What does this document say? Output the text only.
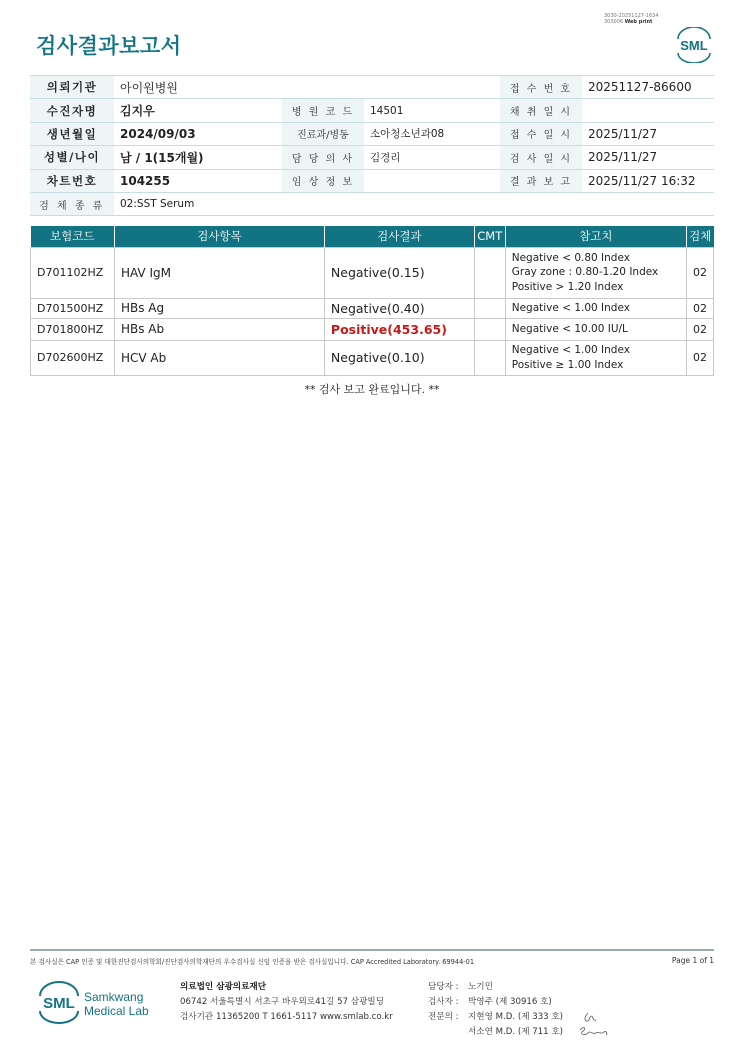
3030-20251127-1634
303006 Web print
검사결과보고서	SML
의뢰기관	아이원병원			접 수 번 호	20251127-86600
수진자명	김지우	병 원 코 드	14501	채 취 일 시	
생년월일	2024/09/03	진료과/병동	소아청소년과08	접 수 일 시	2025/11/27
성별/나이	남 / 1(15개월)	담 당 의 사	김경리	검 사 일 시	2025/11/27
차트번호	104255	임 상 정 보		결 과 보 고	2025/11/27 16:32
검 체 종 류	02:SST Serum				
보험코드	검사항목	검사결과	CMT	참고치	검체
D701102HZ	HAV IgM	Negative(0.15)		Negative < 0.80 Index
Gray zone : 0.80-1.20 Index
Positive > 1.20 Index	02
D701500HZ	HBs Ag	Negative(0.40)		Negative < 1.00 Index	02
D701800HZ	HBs Ab	Positive(453.65)		Negative < 10.00 IU/L	02
D702600HZ	HCV Ab	Negative(0.10)		Negative < 1.00 Index
Positive ≥ 1.00 Index	02
** 검사 보고 완료입니다. **
본 검사실은 CAP 인증 및 대한진단검사의학회/진단검사의학재단의 우수검사실 신임 인증을 받은 검사실입니다. CAP Accredited Laboratory. 69944-01	Page 1 of 1
SML Samkwang
Medical Lab
의료법인 삼광의료재단
06742 서울특별시 서초구 바우뫼로41길 57 삼광빌딩
검사기관 11365200 T 1661-5117 www.smlab.co.kr
담당자 :	노기민
검사자 :	박영주 (제 30916 호)
전문의 :	지현영 M.D. (제 333 호)
서소연 M.D. (제 711 호)
